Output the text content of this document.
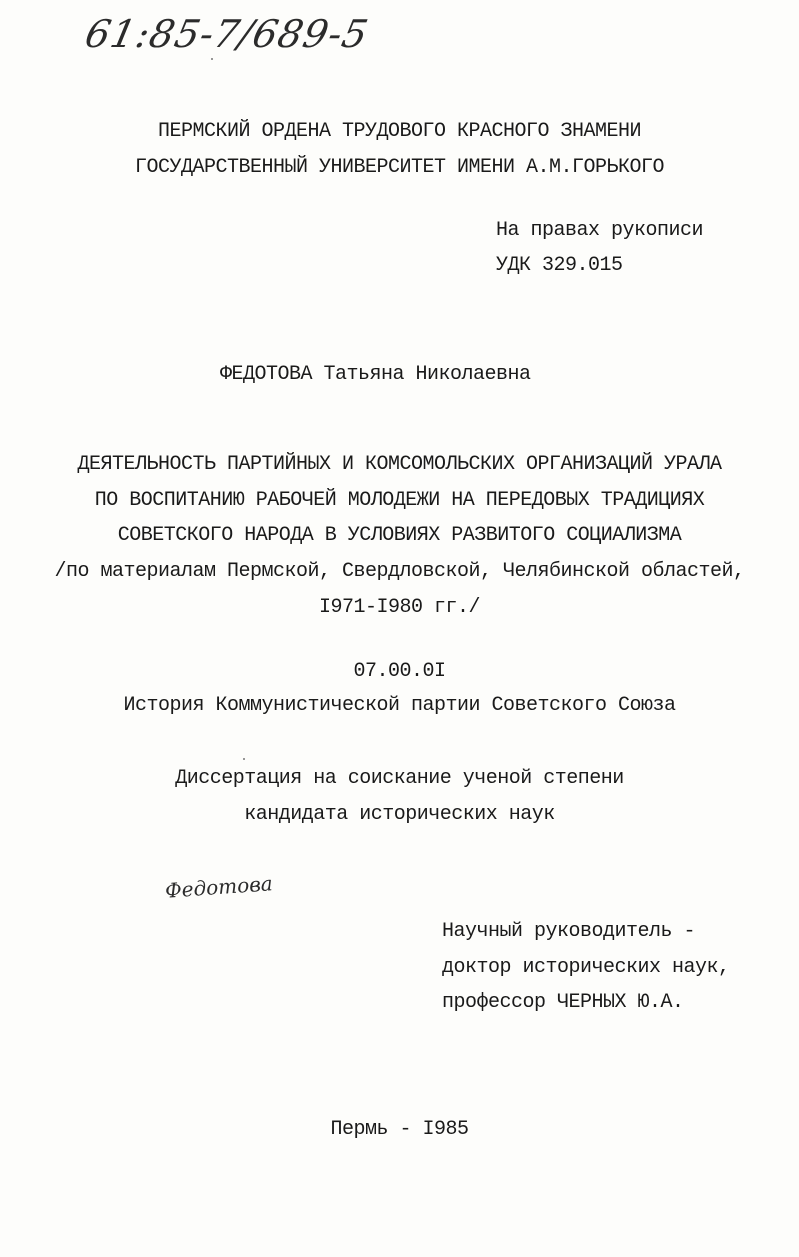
61:85-7/689-5
ПЕРМСКИЙ ОРДЕНА ТРУДОВОГО КРАСНОГО ЗНАМЕНИ
ГОСУДАРСТВЕННЫЙ УНИВЕРСИТЕТ ИМЕНИ А.М.ГОРЬКОГО
На правах рукописи
УДК 329.015
ФЕДОТОВА Татьяна Николаевна
ДЕЯТЕЛЬНОСТЬ ПАРТИЙНЫХ И КОМСОМОЛЬСКИХ ОРГАНИЗАЦИЙ УРАЛА
ПО ВОСПИТАНИЮ РАБОЧЕЙ МОЛОДЕЖИ НА ПЕРЕДОВЫХ ТРАДИЦИЯХ
СОВЕТСКОГО НАРОДА В УСЛОВИЯХ РАЗВИТОГО СОЦИАЛИЗМА
/по материалам Пермской, Свердловской, Челябинской областей,
I971-I980 гг./
07.00.0I
История Коммунистической партии Советского Союза
Диссертация на соискание ученой степени
кандидата исторических наук
Федотова
Научный руководитель -
доктор исторических наук,
профессор ЧЕРНЫХ Ю.А.
Пермь - I985
